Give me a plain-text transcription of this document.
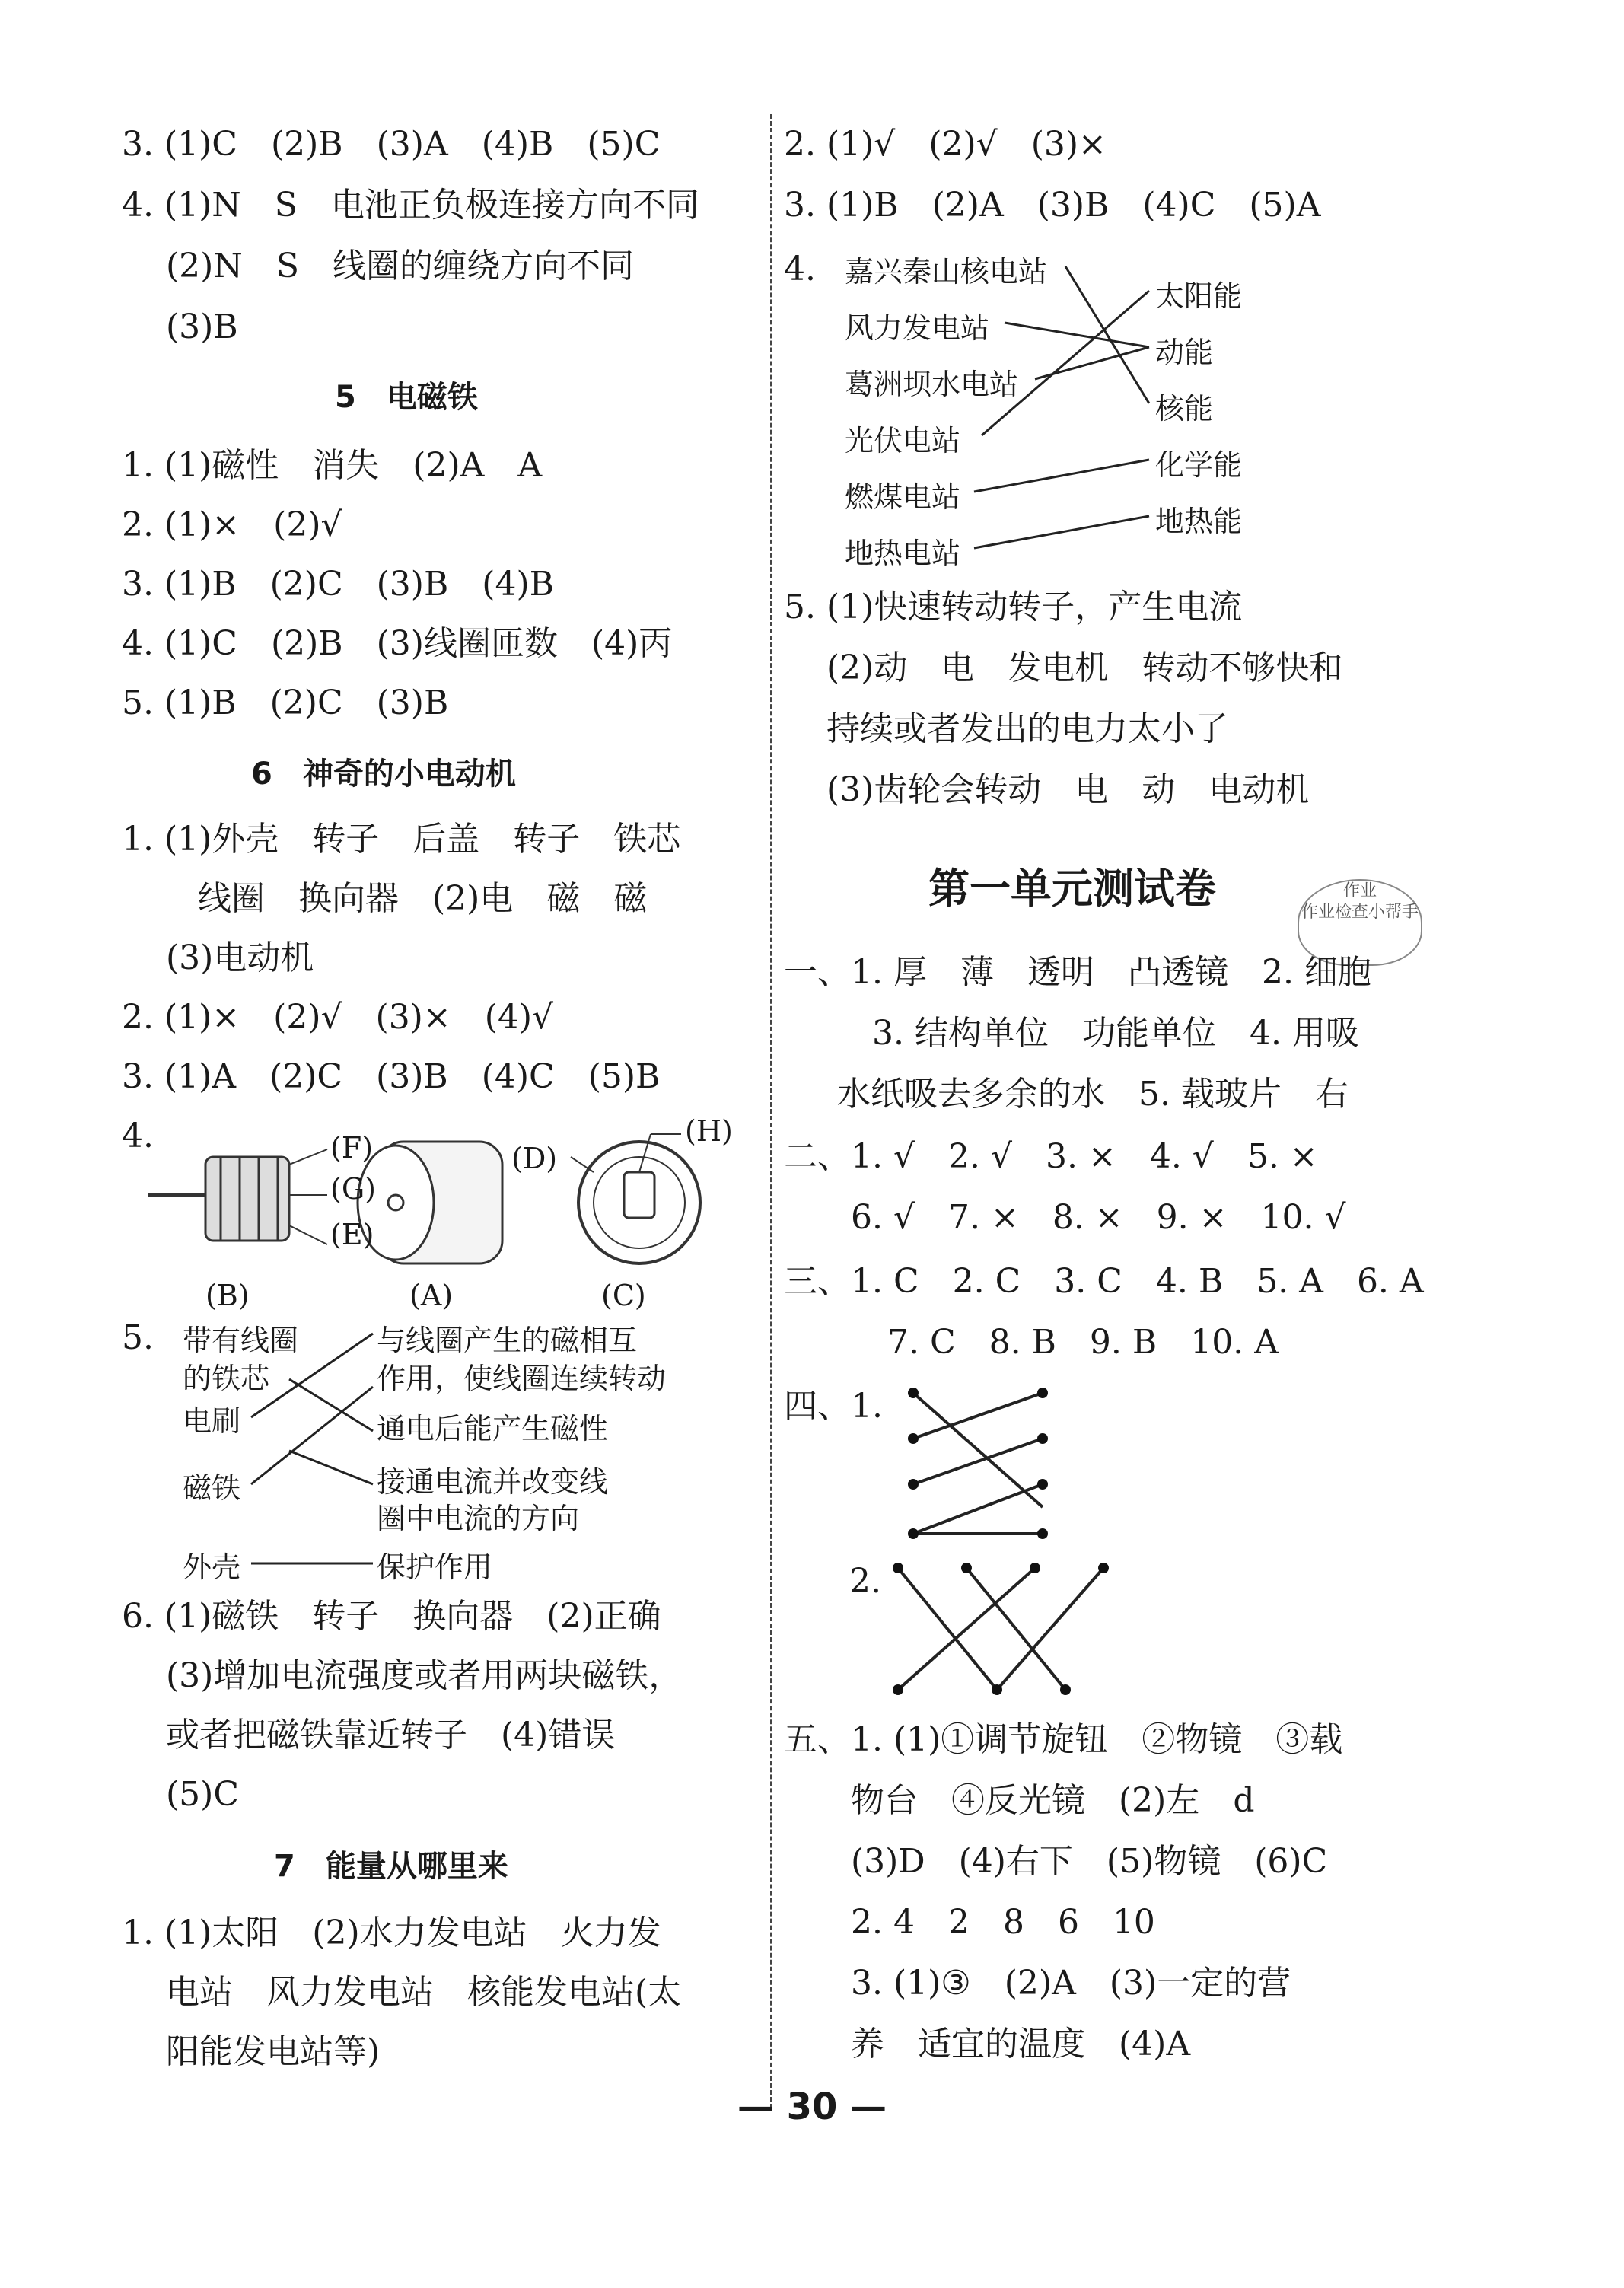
3. (1)C　(2)B　(3)A　(4)B　(5)C
4. (1)N　S　电池正负极连接方向不同
(2)N　S　线圈的缠绕方向不同
(3)B
5　电磁铁
1. (1)磁性　消失　(2)A　A
2. (1)×　(2)√
3. (1)B　(2)C　(3)B　(4)B
4. (1)C　(2)B　(3)线圈匝数　(4)丙
5. (1)B　(2)C　(3)B
6　神奇的小电动机
1. (1)外壳　转子　后盖　转子　铁芯
线圈　换向器　(2)电　磁　磁
(3)电动机
2. (1)×　(2)√　(3)×　(4)√
3. (1)A　(2)C　(3)B　(4)C　(5)B
4.	(F)
(G)
(E)
(D)
(H)
(B)	(A)	(C)
5. 带有线圈
的铁芯
电刷
磁铁
外壳
与线圈产生的磁相互
作用，使线圈连续转动
通电后能产生磁性
接通电流并改变线
圈中电流的方向
保护作用
6. (1)磁铁　转子　换向器　(2)正确
(3)增加电流强度或者用两块磁铁，
或者把磁铁靠近转子　(4)错误
(5)C
7　能量从哪里来
1. (1)太阳　(2)水力发电站　火力发
电站　风力发电站　核能发电站(太
阳能发电站等)
2. (1)√　(2)√　(3)×
3. (1)B　(2)A　(3)B　(4)C　(5)A
4. 嘉兴秦山核电站
风力发电站
葛洲坝水电站
光伏电站
燃煤电站
地热电站
太阳能
动能
核能
化学能
地热能
5. (1)快速转动转子，产生电流
(2)动　电　发电机　转动不够快和
持续或者发出的电力太小了
(3)齿轮会转动　电　动　电动机
第一单元测试卷	作业
作业检查小帮手
一、1. 厚　薄　透明　凸透镜　2. 细胞
3. 结构单位　功能单位　4. 用吸
水纸吸去多余的水　5. 载玻片　右
二、1. √　2. √　3. ×　4. √　5. ×
6. √　7. ×　8. ×　9. ×　10. √
三、1. C　2. C　3. C　4. B　5. A　6. A
7. C　8. B　9. B　10. A
四、1.
2.
五、1. (1)①调节旋钮　②物镜　③载
物台　④反光镜　(2)左　d
(3)D　(4)右下　(5)物镜　(6)C
2. 4　2　8　6　10
3. (1)③　(2)A　(3)一定的营
养　适宜的温度　(4)A
— 30 —
